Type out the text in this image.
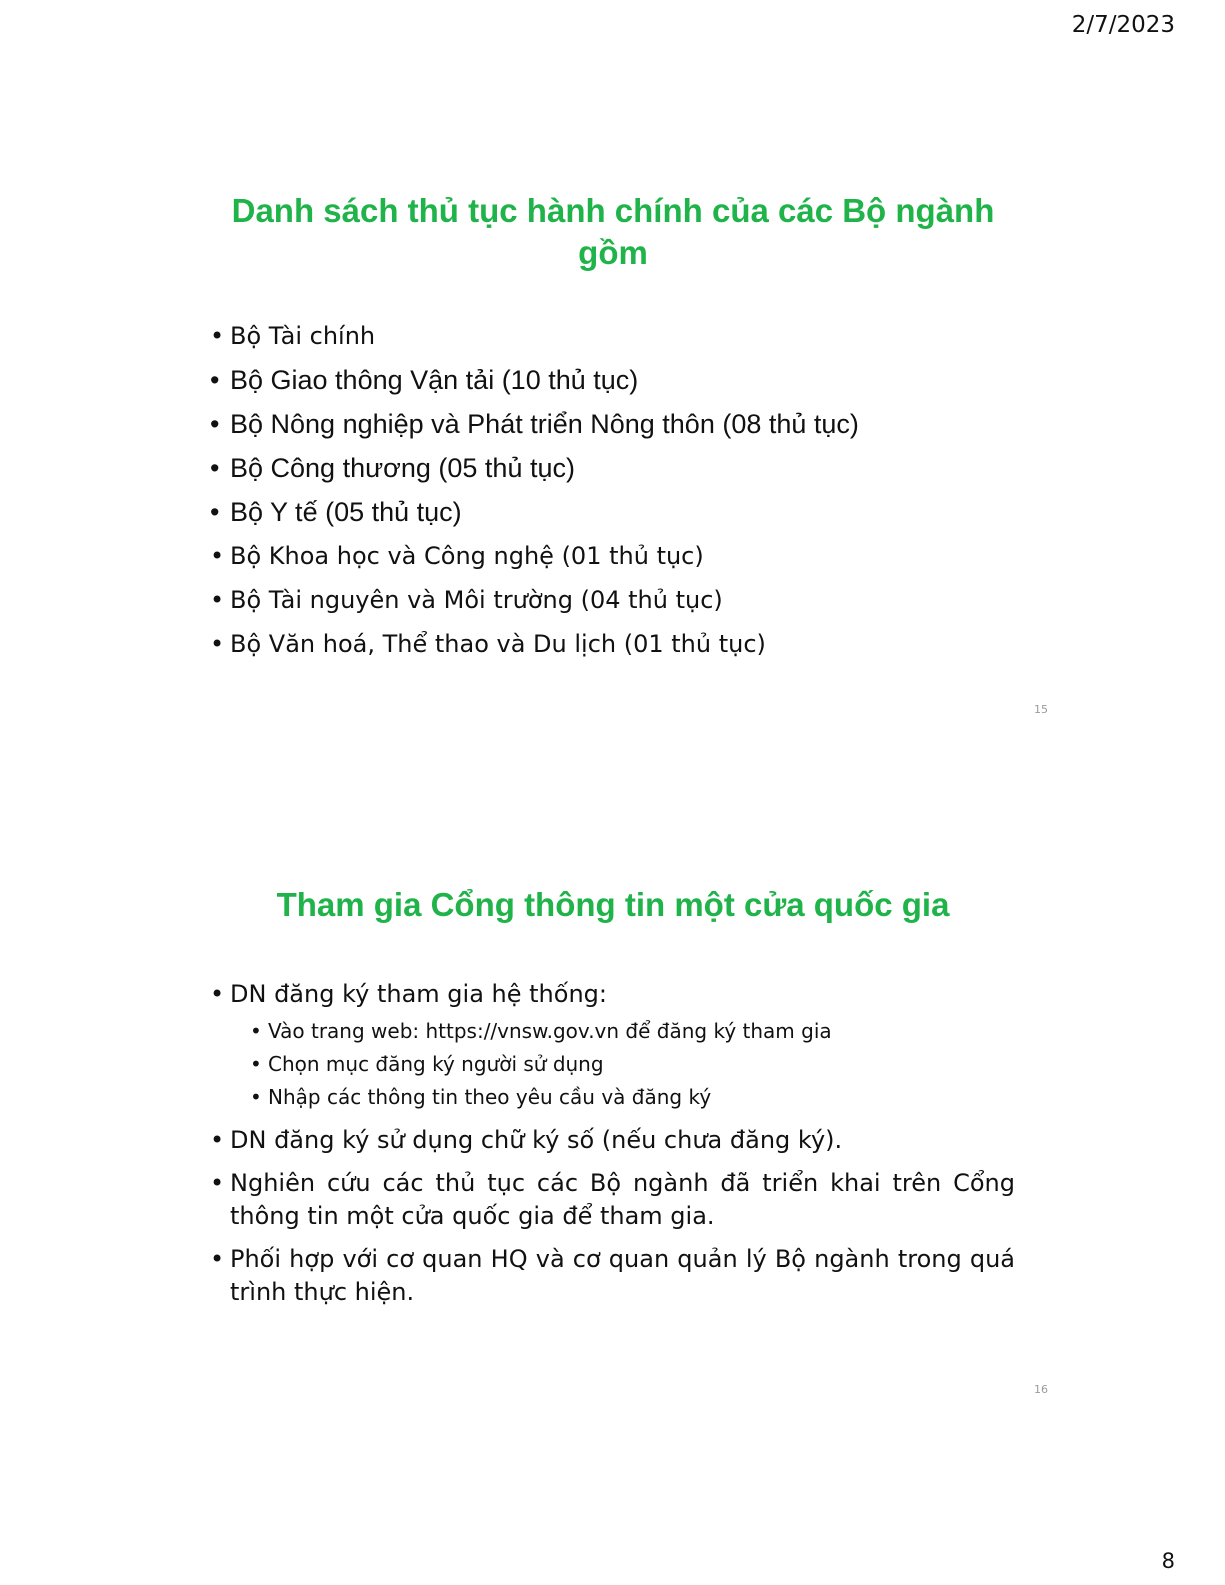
2/7/2023
Danh sách thủ tục hành chính của các Bộ ngành gồm
• Bộ Tài chính
• Bộ Giao thông Vận tải (10 thủ tục)
• Bộ Nông nghiệp và Phát triển Nông thôn (08 thủ tục)
• Bộ Công thương (05 thủ tục)
• Bộ Y tế (05 thủ tục)
• Bộ Khoa học và Công nghệ (01 thủ tục)
• Bộ Tài nguyên và Môi trường (04 thủ tục)
• Bộ Văn hoá, Thể thao và Du lịch (01 thủ tục)
15
Tham gia Cổng thông tin một cửa quốc gia
• DN đăng ký tham gia hệ thống:
• Vào trang web: https://vnsw.gov.vn để đăng ký tham gia
• Chọn mục đăng ký người sử dụng
• Nhập các thông tin theo yêu cầu và đăng ký
• DN đăng ký sử dụng chữ ký số (nếu chưa đăng ký).
• Nghiên cứu các thủ tục các Bộ ngành đã triển khai trên Cổng thông tin một cửa quốc gia để tham gia.
• Phối hợp với cơ quan HQ và cơ quan quản lý Bộ ngành trong quá trình thực hiện.
16
8
